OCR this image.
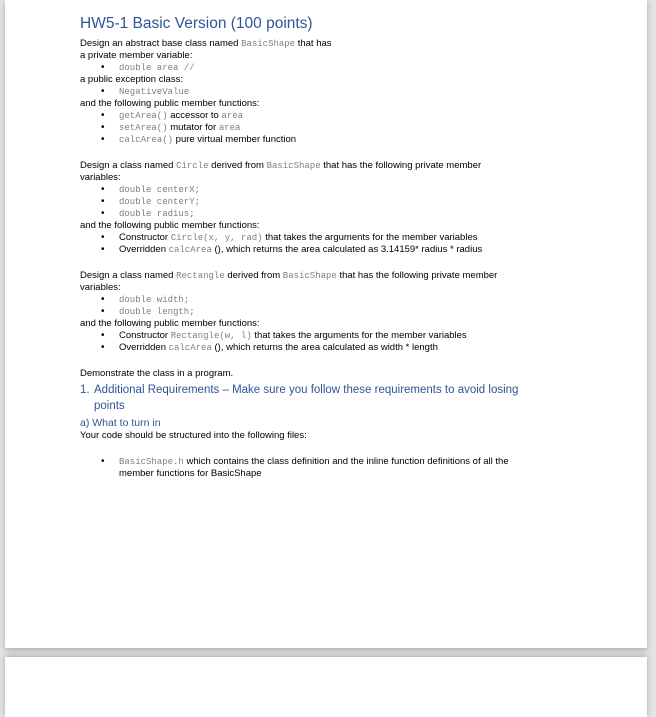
HW5-1 Basic Version (100 points)

Design an abstract base class named BasicShape that has

a private member variable:

• double area //

a public exception class:

• NegativeValue

and the following public member functions:

• getArea() accessor to area
• setArea() mutator for area
• calcArea() pure virtual member function

Design a class named Circle derived from BasicShape that has the following private member

variables:

• double centerX;
• double centerY;
• double radius;

and the following public member functions:

• Constructor Circle(x, y, rad) that takes the arguments for the member variables
• Overridden calcArea (), which returns the area calculated as 3.14159* radius * radius

Design a class named Rectangle derived from BasicShape that has the following private member

variables:

• double width;
• double length;

and the following public member functions:

• Constructor Rectangle(w, l) that takes the arguments for the member variables
• Overridden calcArea (), which returns the area calculated as width * length

Demonstrate the class in a program.

1. Additional Requirements – Make sure you follow these requirements to avoid losing
points
a) What to turn in

Your code should be structured into the following files:

• BasicShape.h which contains the class definition and the inline function definitions of all the
member functions for BasicShape
